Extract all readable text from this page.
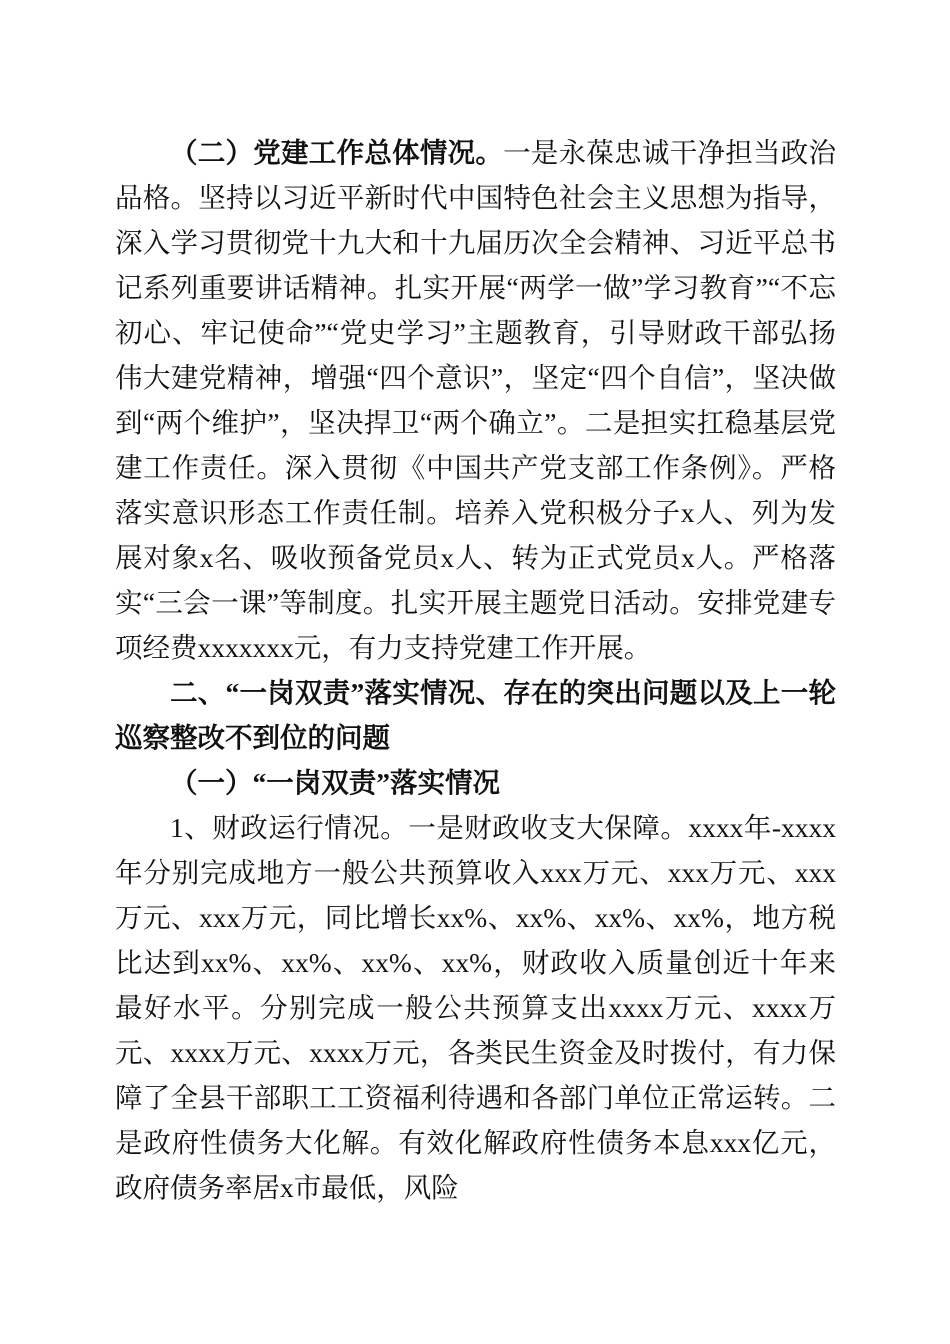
（二）党建工作总体情况。一是永葆忠诚干净担当政治品格。坚持以习近平新时代中国特色社会主义思想为指导，深入学习贯彻党十九大和十九届历次全会精神、习近平总书记系列重要讲话精神。扎实开展“两学一做”学习教育”“不忘初心、牢记使命”“党史学习”主题教育，引导财政干部弘扬伟大建党精神，增强“四个意识”，坚定“四个自信”，坚决做到“两个维护”，坚决捍卫“两个确立”。二是担实扛稳基层党建工作责任。深入贯彻《中国共产党支部工作条例》。严格落实意识形态工作责任制。培养入党积极分子x人、列为发展对象x名、吸收预备党员x人、转为正式党员x人。严格落实“三会一课”等制度。扎实开展主题党日活动。安排党建专项经费xxxxxxx元，有力支持党建工作开展。

二、“一岗双责”落实情况、存在的突出问题以及上一轮巡察整改不到位的问题

（一）“一岗双责”落实情况

1、财政运行情况。一是财政收支大保障。xxxx年-xxxx年分别完成地方一般公共预算收入xxx万元、xxx万元、xxx万元、xxx万元，同比增长xx%、xx%、xx%、xx%，地方税比达到xx%、xx%、xx%、xx%，财政收入质量创近十年来最好水平。分别完成一般公共预算支出xxxx万元、xxxx万元、xxxx万元、xxxx万元，各类民生资金及时拨付，有力保障了全县干部职工工资福利待遇和各部门单位正常运转。二是政府性债务大化解。有效化解政府性债务本息xxx亿元，政府债务率居x市最低，风险
